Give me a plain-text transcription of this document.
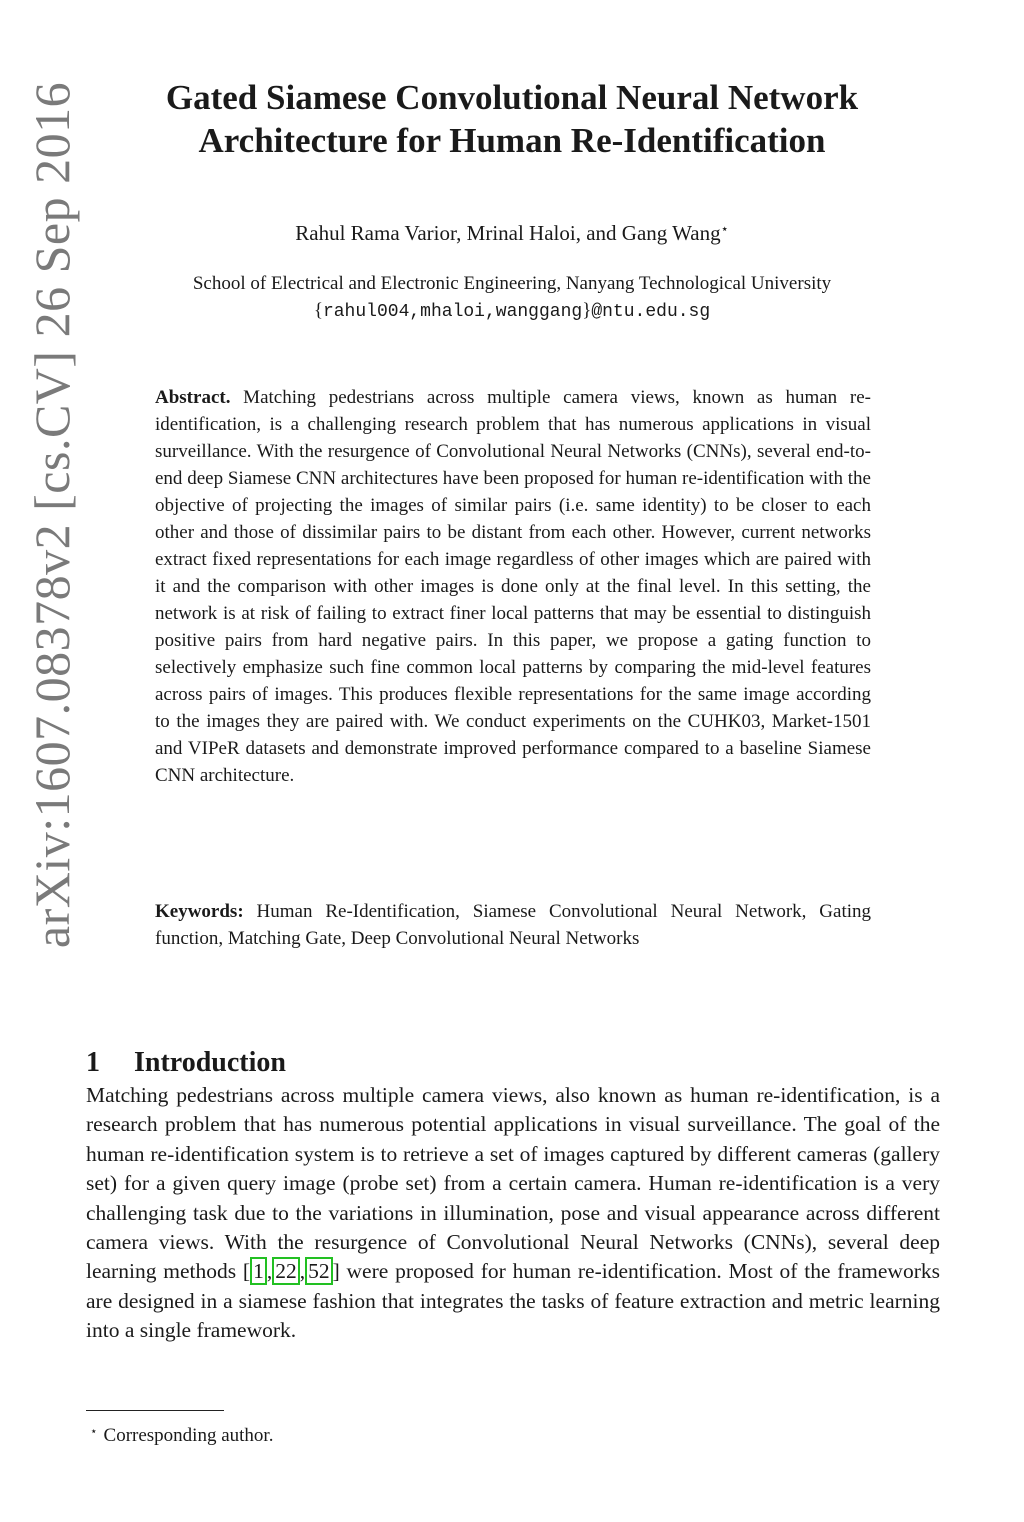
arXiv:1607.08378v2 [cs.CV] 26 Sep 2016	Gated Siamese Convolutional Neural Network
Architecture for Human Re-Identification
Rahul Rama Varior, Mrinal Haloi, and Gang Wang⋆
School of Electrical and Electronic Engineering, Nanyang Technological University
{rahul004,mhaloi,wanggang}@ntu.edu.sg

Abstract. Matching pedestrians across multiple camera views, known as human re-identification, is a challenging research problem that has numerous applications in visual surveillance. With the resurgence of Convolutional Neural Networks (CNNs), several end-to-end deep Siamese CNN architectures have been proposed for human re-identification with the objective of projecting the images of similar pairs (i.e. same identity) to be closer to each other and those of dissimilar pairs to be distant from each other. However, current networks extract fixed representations for each image regardless of other images which are paired with it and the comparison with other images is done only at the final level. In this setting, the network is at risk of failing to extract finer local patterns that may be essential to distinguish positive pairs from hard negative pairs. In this paper, we propose a gating function to selectively emphasize such fine common local patterns by comparing the mid-level features across pairs of images. This produces flexible representations for the same image according to the images they are paired with. We conduct experiments on the CUHK03, Market-1501 and VIPeR datasets and demonstrate improved performance compared to a baseline Siamese CNN architecture.

Keywords: Human Re-Identification, Siamese Convolutional Neural Network, Gating function, Matching Gate, Deep Convolutional Neural Networks

1 Introduction

Matching pedestrians across multiple camera views, also known as human re-identification, is a research problem that has numerous potential applications in visual surveillance. The goal of the human re-identification system is to retrieve a set of images captured by different cameras (gallery set) for a given query image (probe set) from a certain camera. Human re-identification is a very challenging task due to the variations in illumination, pose and visual appearance across different camera views. With the resurgence of Convolutional Neural Networks (CNNs), several deep learning methods [ 1 , 22 , 52 ] were proposed for human re-identification. Most of the frameworks are designed in a siamese fashion that integrates the tasks of feature extraction and metric learning into a single framework.

⋆ Corresponding author.
